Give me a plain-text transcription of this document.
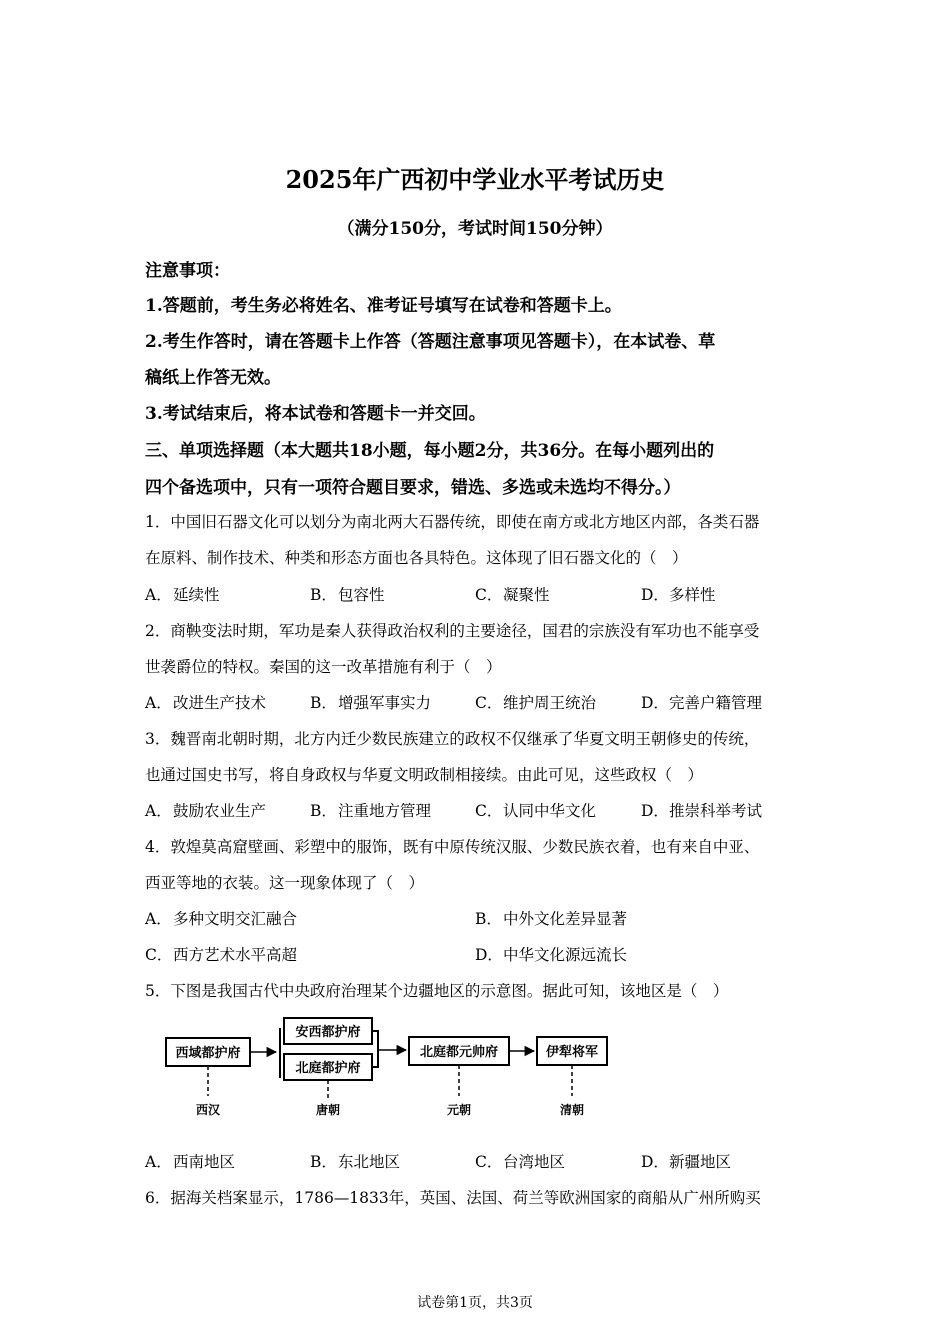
2025年广西初中学业水平考试历史
（满分150分，考试时间150分钟）
注意事项：
1.答题前，考生务必将姓名、准考证号填写在试卷和答题卡上。
2.考生作答时，请在答题卡上作答（答题注意事项见答题卡），在本试卷、草
稿纸上作答无效。
3.考试结束后，将本试卷和答题卡一并交回。
三、单项选择题（本大题共18小题，每小题2分，共36分。在每小题列出的
四个备选项中，只有一项符合题目要求，错选、多选或未选均不得分。）
1．中国旧石器文化可以划分为南北两大石器传统，即使在南方或北方地区内部，各类石器
在原料、制作技术、种类和形态方面也各具特色。这体现了旧石器文化的（　）
A．延续性	B．包容性	C．凝聚性	D．多样性
2．商鞅变法时期，军功是秦人获得政治权利的主要途径，国君的宗族没有军功也不能享受
世袭爵位的特权。秦国的这一改革措施有利于（　）
A．改进生产技术	B．增强军事实力	C．维护周王统治	D．完善户籍管理
3．魏晋南北朝时期，北方内迁少数民族建立的政权不仅继承了华夏文明王朝修史的传统，
也通过国史书写，将自身政权与华夏文明政制相接续。由此可见，这些政权（　）
A．鼓励农业生产	B．注重地方管理	C．认同中华文化	D．推崇科举考试
4．敦煌莫高窟壁画、彩塑中的服饰，既有中原传统汉服、少数民族衣着，也有来自中亚、
西亚等地的衣装。这一现象体现了（　）
A．多种文明交汇融合	B．中外文化差异显著
C．西方艺术水平高超	D．中华文化源远流长
5．下图是我国古代中央政府治理某个边疆地区的示意图。据此可知，该地区是（　）
西域都护府
安西都护府
北庭都护府
北庭都元帅府	伊犁将军
西汉	唐朝	元朝	清朝
A．西南地区	B．东北地区	C．台湾地区	D．新疆地区
6．据海关档案显示，1786—1833年，英国、法国、荷兰等欧洲国家的商船从广州所购买
试卷第1页，共3页
